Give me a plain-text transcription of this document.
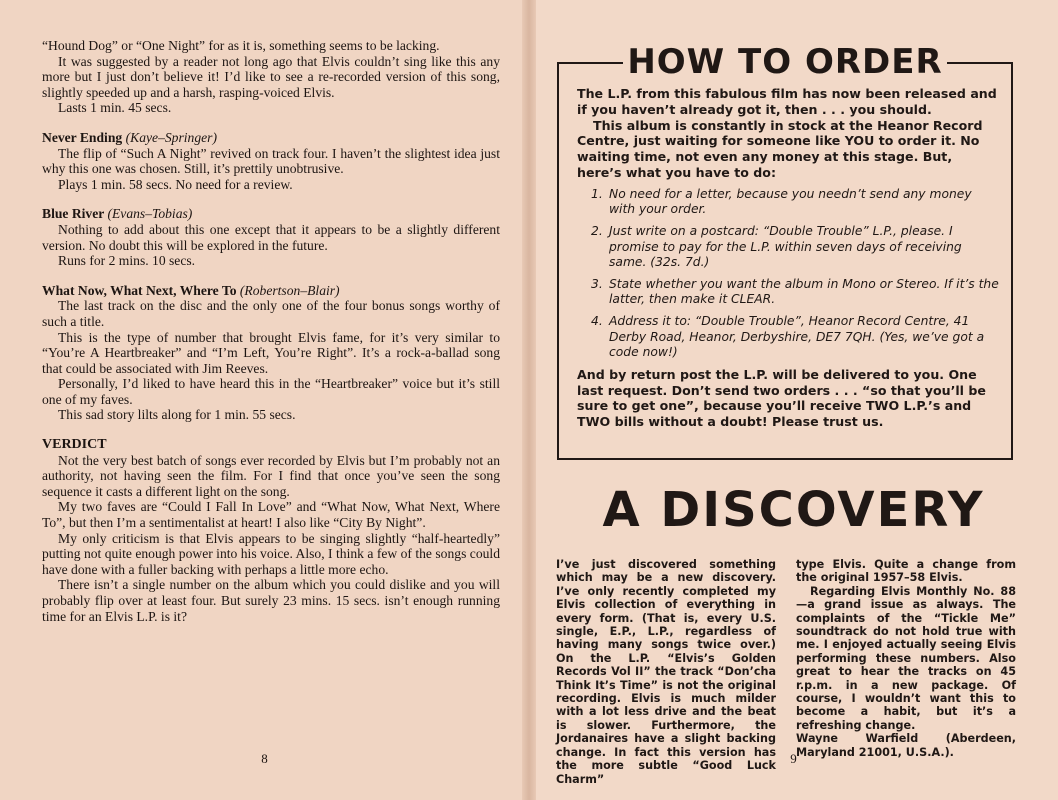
“Hound Dog” or “One Night” for as it is, something seems to be lacking.

It was suggested by a reader not long ago that Elvis couldn’t sing like this any more but I just don’t believe it! I’d like to see a re-recorded version of this song, slightly speeded up and a harsh, rasping-voiced Elvis.

Lasts 1 min. 45 secs.

Never Ending (Kaye–Springer)

The flip of “Such A Night” revived on track four. I haven’t the slightest idea just why this one was chosen. Still, it’s prettily unobtrusive.

Plays 1 min. 58 secs. No need for a review.

Blue River (Evans–Tobias)

Nothing to add about this one except that it appears to be a slightly different version. No doubt this will be explored in the future.

Runs for 2 mins. 10 secs.

What Now, What Next, Where To (Robertson–Blair)

The last track on the disc and the only one of the four bonus songs worthy of such a title.

This is the type of number that brought Elvis fame, for it’s very similar to “You’re A Heartbreaker” and “I’m Left, You’re Right”. It’s a rock-a-ballad song that could be associated with Jim Reeves.

Personally, I’d liked to have heard this in the “Heartbreaker” voice but it’s still one of my faves.

This sad story lilts along for 1 min. 55 secs.

VERDICT

Not the very best batch of songs ever recorded by Elvis but I’m probably not an authority, not having seen the film. For I find that once you’ve seen the song sequence it casts a different light on the song.

My two faves are “Could I Fall In Love” and “What Now, What Next, Where To”, but then I’m a sentimentalist at heart! I also like “City By Night”.

My only criticism is that Elvis appears to be singing slightly “half-heartedly” putting not quite enough power into his voice. Also, I think a few of the songs could have done with a fuller backing with perhaps a little more echo.

There isn’t a single number on the album which you could dislike and you will probably flip over at least four. But surely 23 mins. 15 secs. isn’t enough running time for an Elvis L.P. is it?

8
HOW TO ORDER

The L.P. from this fabulous film has now been released and if you haven’t already got it, then . . . you should.

This album is constantly in stock at the Heanor Record Centre, just waiting for someone like YOU to order it. No waiting time, not even any money at this stage. But, here’s what you have to do:

1. No need for a letter, because you needn’t send any money with your order.
2. Just write on a postcard: “Double Trouble” L.P., please. I promise to pay for the L.P. within seven days of receiving same. (32s. 7d.)
3. State whether you want the album in Mono or Stereo. If it’s the latter, then make it CLEAR.
4. Address it to: “Double Trouble”, Heanor Record Centre, 41 Derby Road, Heanor, Derbyshire, DE7 7QH. (Yes, we’ve got a code now!)

And by return post the L.P. will be delivered to you. One last request. Don’t send two orders . . . “so that you’ll be sure to get one”, because you’ll receive TWO L.P.’s and TWO bills without a doubt! Please trust us.

A DISCOVERY

I’ve just discovered something which may be a new discovery. I’ve only recently completed my Elvis collection of everything in every form. (That is, every U.S. single, E.P., L.P., regardless of having many songs twice over.) On the L.P. “Elvis’s Golden Records Vol II” the track “Don’cha Think It’s Time” is not the original recording. Elvis is much milder with a lot less drive and the beat is slower. Furthermore, the Jordanaires have a slight backing change. In fact this version has the more subtle “Good Luck Charm”

type Elvis. Quite a change from the original 1957–58 Elvis.

Regarding Elvis Monthly No. 88 —a grand issue as always. The complaints of the “Tickle Me” soundtrack do not hold true with me. I enjoyed actually seeing Elvis performing these numbers. Also great to hear the tracks on 45 r.p.m. in a new package. Of course, I wouldn’t want this to become a habit, but it’s a refreshing change.

Wayne Warfield (Aberdeen, Maryland 21001, U.S.A.).

9
